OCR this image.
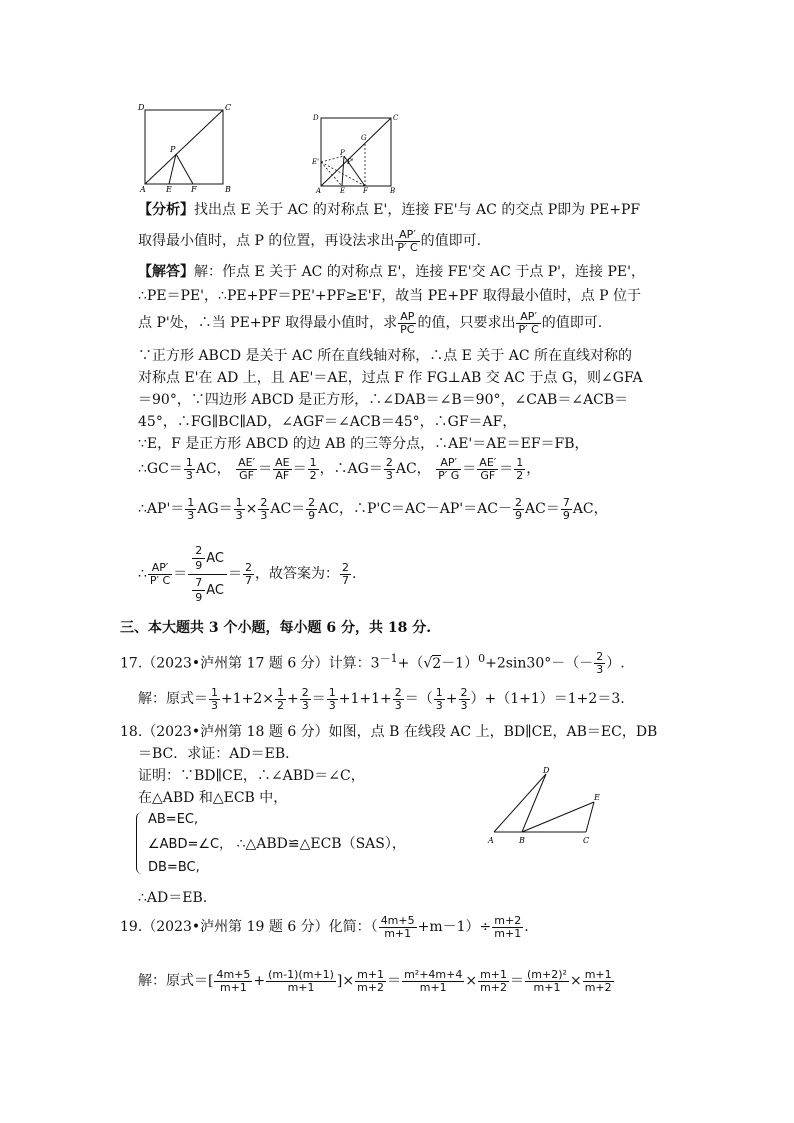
D	C
P
A	E F	B
D	C
G
E'
P
P'
A	E	F	B
【分析】找出点 E 关于 AC 的对称点 E'，连接 FE'与 AC 的交点 P即为 PE+PF
取得最小值时，点 P 的位置，再设法求出 $\frac{AP'}{P' C}$ 的值即可.
【解答】解：作点 E 关于 AC 的对称点 E'，连接 FE'交 AC 于点 P'，连接 PE'，
∴PE＝PE'，∴PE+PF＝PE'+PF≥E'F，故当 PE+PF 取得最小值时，点 P 位于
点 P'处，∴当 PE+PF 取得最小值时，求 $\frac{AP}{PC}$ 的值，只要求出 $\frac{AP'}{P' C}$ 的值即可.
∵正方形 ABCD 是关于 AC 所在直线轴对称，∴点 E 关于 AC 所在直线对称的
对称点 E'在 AD 上，且 AE'＝AE，过点 F 作 FG⊥AB 交 AC 于点 G，则∠GFA
＝90°，∵四边形 ABCD 是正方形，∴∠DAB＝∠B＝90°，∠CAB＝∠ACB＝
45°，∴FG∥BC∥AD，∠AGF＝∠ACB＝45°，∴GF＝AF，
∵E，F 是正方形 ABCD 的边 AB 的三等分点，∴AE'＝AE＝EF＝FB，
∴GC＝ $\frac{1}{3}$ AC， $\frac{AE'}{GF} = \frac{AE}{AF} = \frac{1}{2}$ ，∴AG＝ $\frac{2}{3}$ AC， $\frac{AP'}{P' G} = \frac{AE'}{GF} = \frac{1}{2}$ ，
∴AP'＝ $\frac{1}{3} AG= \frac{1}{3} \times \frac{2}{3} AC= \frac{2}{9}$ AC，∴P'C＝AC－AP'＝AC－ $\frac{2}{9} AC= \frac{7}{9}$ AC，
∴ $\frac{AP'}{P' C} = \frac{\frac{2}{9} AC}{\frac{7}{9} AC} = \frac{2}{7}$ ，故答案为： $\frac{2}{7}$ .
三、本大题共 3 个小题，每小题 6 分，共 18 分.
17.（2023•泸州第 17 题 6 分）计算：$3^{-1}+(√2-1)^0+2\sin 30^\circ-(- \frac{2}{3}$ ）.
解：原式＝ $\frac{1}{3} +1+2\times \frac{1}{2} + \frac{2}{3} = \frac{1}{3} +1+1+ \frac{2}{3}$ ＝（ $\frac{1}{3} + \frac{2}{3} )+(1+1)=1+2=3$.
18.（2023•泸州第 18 题 6 分）如图，点 B 在线段 AC 上，BD∥CE，AB＝EC，DB
＝BC．求证：AD＝EB．
证明：∵BD∥CE，∴∠ABD＝∠C，
在△ABD 和△ECB 中，
AB=EC,
∠ABD=∠C， ∴△ABD≌△ECB（SAS），
DB=BC,
∴AD＝EB.
D
E
A	B	C
19.（2023•泸州第 19 题 6 分）化简：（ $\frac{4m+5}{m+1} +m-1)\div \frac{m+2}{m+1}$ .
解：原式＝[ $\frac{4m+5}{m+1} + \frac{(m-1)(m+1)}{m+1}$ ]× $\frac{m+1}{m+2} = \frac{\text{m²+4m+4}}{m+1} \times \frac{m+1}{m+2} = \frac{\text{(m+2)²}}{m+1} \times \frac{m+1}{m+2}$
